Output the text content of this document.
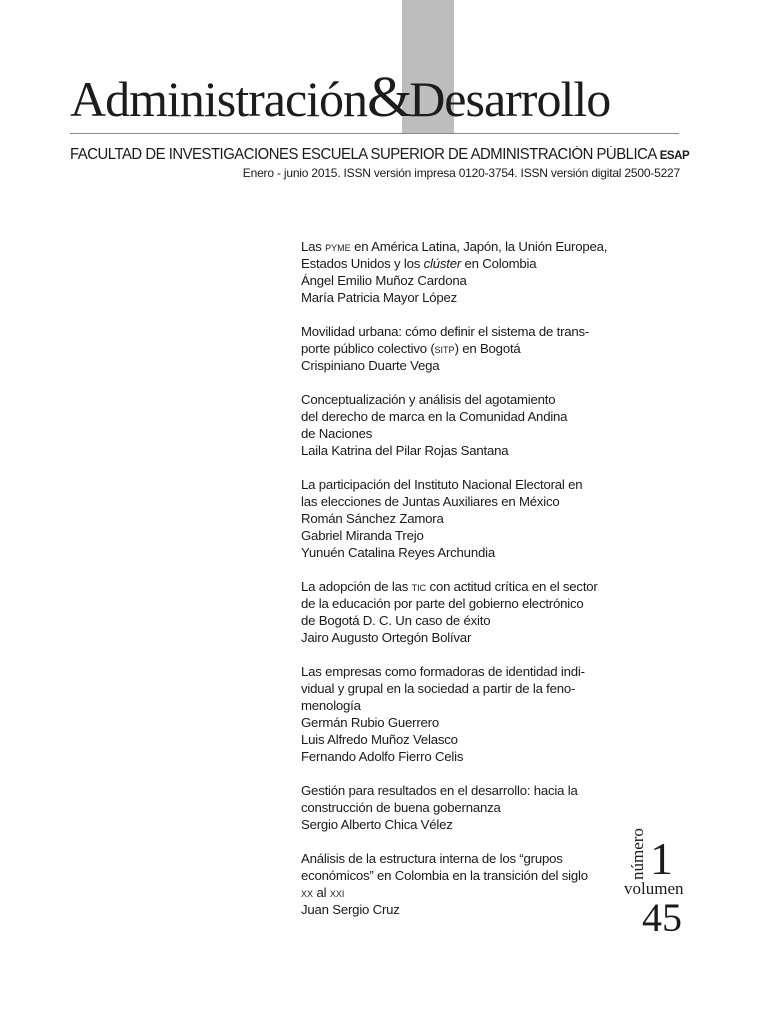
Administración&Desarrollo
FACULTAD DE INVESTIGACIONES ESCUELA SUPERIOR DE ADMINISTRACIÓN PÚBLICA ESAP
Enero - junio 2015. ISSN versión impresa 0120-3754. ISSN versión digital 2500-5227
Las PYME en América Latina, Japón, la Unión Europea,
Estados Unidos y los clúster en Colombia
Ángel Emilio Muñoz Cardona
María Patricia Mayor López
Movilidad urbana: cómo definir el sistema de trans-
porte público colectivo (SITP) en Bogotá
Crispiniano Duarte Vega
Conceptualización y análisis del agotamiento
del derecho de marca en la Comunidad Andina
de Naciones
Laila Katrina del Pilar Rojas Santana
La participación del Instituto Nacional Electoral en
las elecciones de Juntas Auxiliares en México
Román Sánchez Zamora
Gabriel Miranda Trejo
Yunuén Catalina Reyes Archundia
La adopción de las TIC con actitud crítica en el sector
de la educación por parte del gobierno electrónico
de Bogotá D. C. Un caso de éxito
Jairo Augusto Ortegón Bolívar
Las empresas como formadoras de identidad indi-
vidual y grupal en la sociedad a partir de la feno-
menología
Germán Rubio Guerrero
Luis Alfredo Muñoz Velasco
Fernando Adolfo Fierro Celis
Gestión para resultados en el desarrollo: hacia la
construcción de buena gobernanza
Sergio Alberto Chica Vélez
Análisis de la estructura interna de los “grupos
económicos” en Colombia en la transición del siglo
XX al XXI
Juan Sergio Cruz
número 1
volumen
45
